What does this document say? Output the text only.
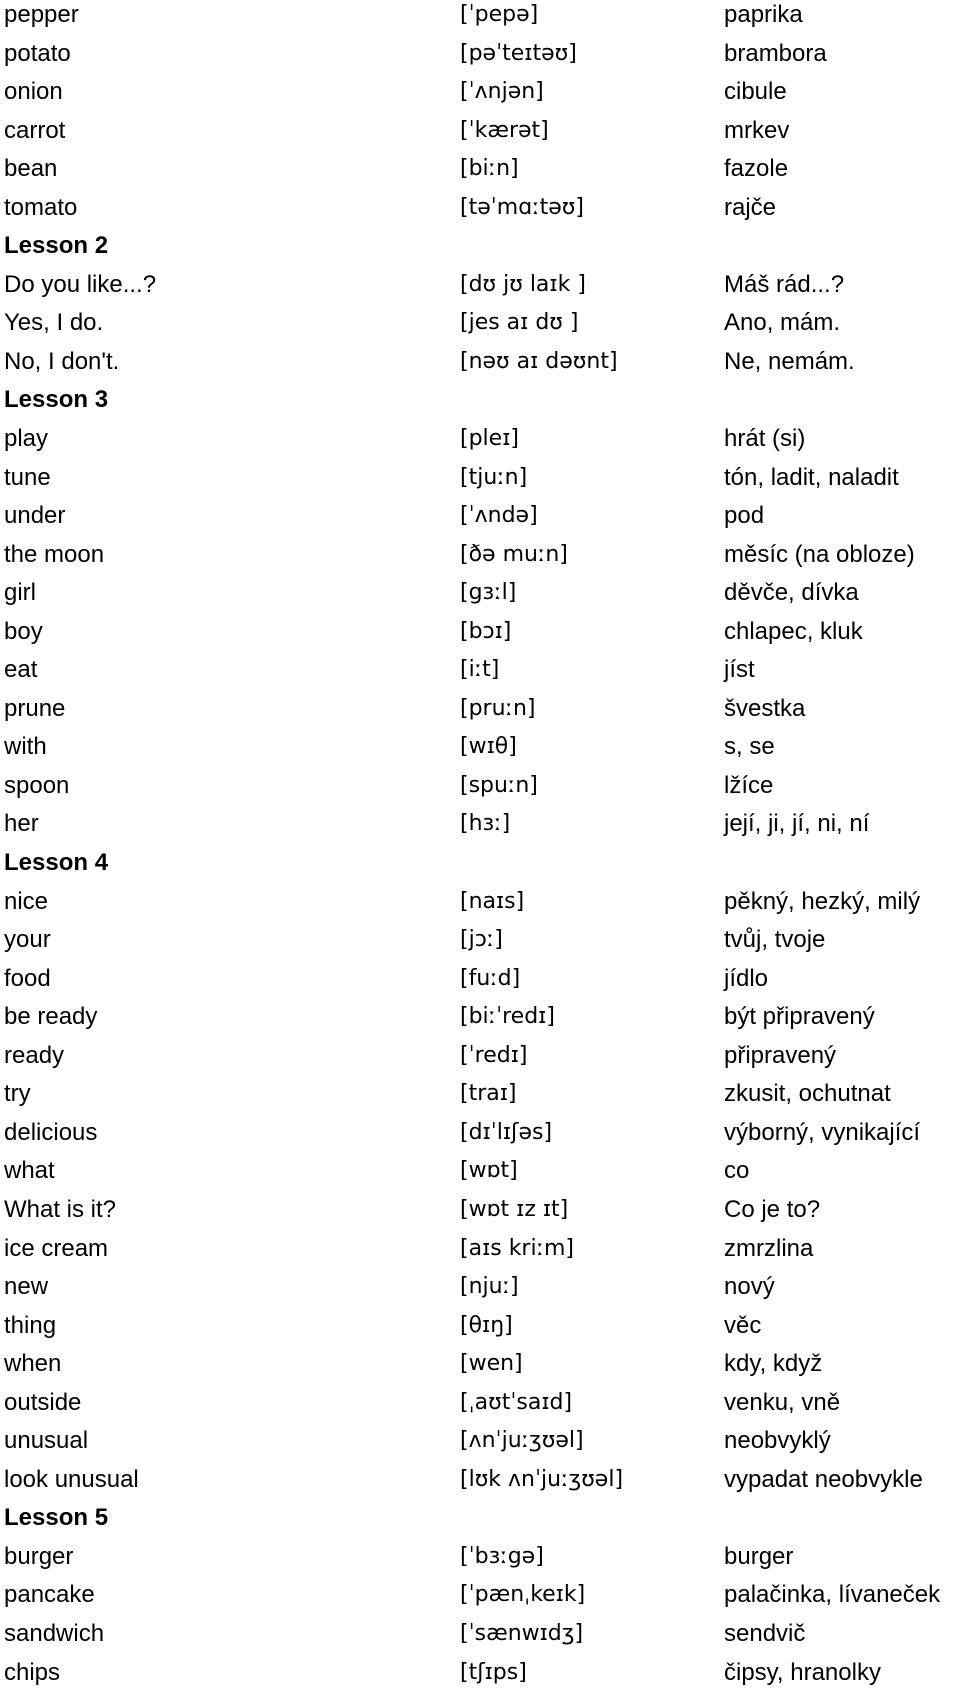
pepper	[ˈpepə]	paprika
potato	[pəˈteɪtəʊ]	brambora
onion	[ˈʌnjən]	cibule
carrot	[ˈkærət]	mrkev
bean	[biːn]	fazole
tomato	[təˈmɑːtəʊ]	rajče
Lesson 2
Do you like...?	[dʊ jʊ laɪk ]	Máš rád...?
Yes, I do.	[jes aɪ dʊ ]	Ano, mám.
No, I don't.	[nəʊ aɪ dəʊnt]	Ne, nemám.
Lesson 3
play	[pleɪ]	hrát (si)
tune	[tjuːn]	tón, ladit, naladit
under	[ˈʌndə]	pod
the moon	[ðə muːn]	měsíc (na obloze)
girl	[gɜːl]	děvče, dívka
boy	[bɔɪ]	chlapec, kluk
eat	[iːt]	jíst
prune	[pruːn]	švestka
with	[wɪθ]	s, se
spoon	[spuːn]	lžíce
her	[hɜː]	její, ji, jí, ni, ní
Lesson 4
nice	[naɪs]	pěkný, hezký, milý
your	[jɔː]	tvůj, tvoje
food	[fuːd]	jídlo
be ready	[biːˈredɪ]	být připravený
ready	[ˈredɪ]	připravený
try	[traɪ]	zkusit, ochutnat
delicious	[dɪˈlɪʃəs]	výborný, vynikající
what	[wɒt]	co
What is it?	[wɒt ɪz ɪt]	Co je to?
ice cream	[aɪs kriːm]	zmrzlina
new	[njuː]	nový
thing	[θɪŋ]	věc
when	[wen]	kdy, když
outside	[ˌaʊtˈsaɪd]	venku, vně
unusual	[ʌnˈjuːʒʊəl]	neobvyklý
look unusual	[lʊk ʌnˈjuːʒʊəl]	vypadat neobvykle
Lesson 5
burger	[ˈbɜːgə]	burger
pancake	[ˈpænˌkeɪk]	palačinka, lívaneček
sandwich	[ˈsænwɪdʒ]	sendvič
chips	[tʃɪps]	čipsy, hranolky
